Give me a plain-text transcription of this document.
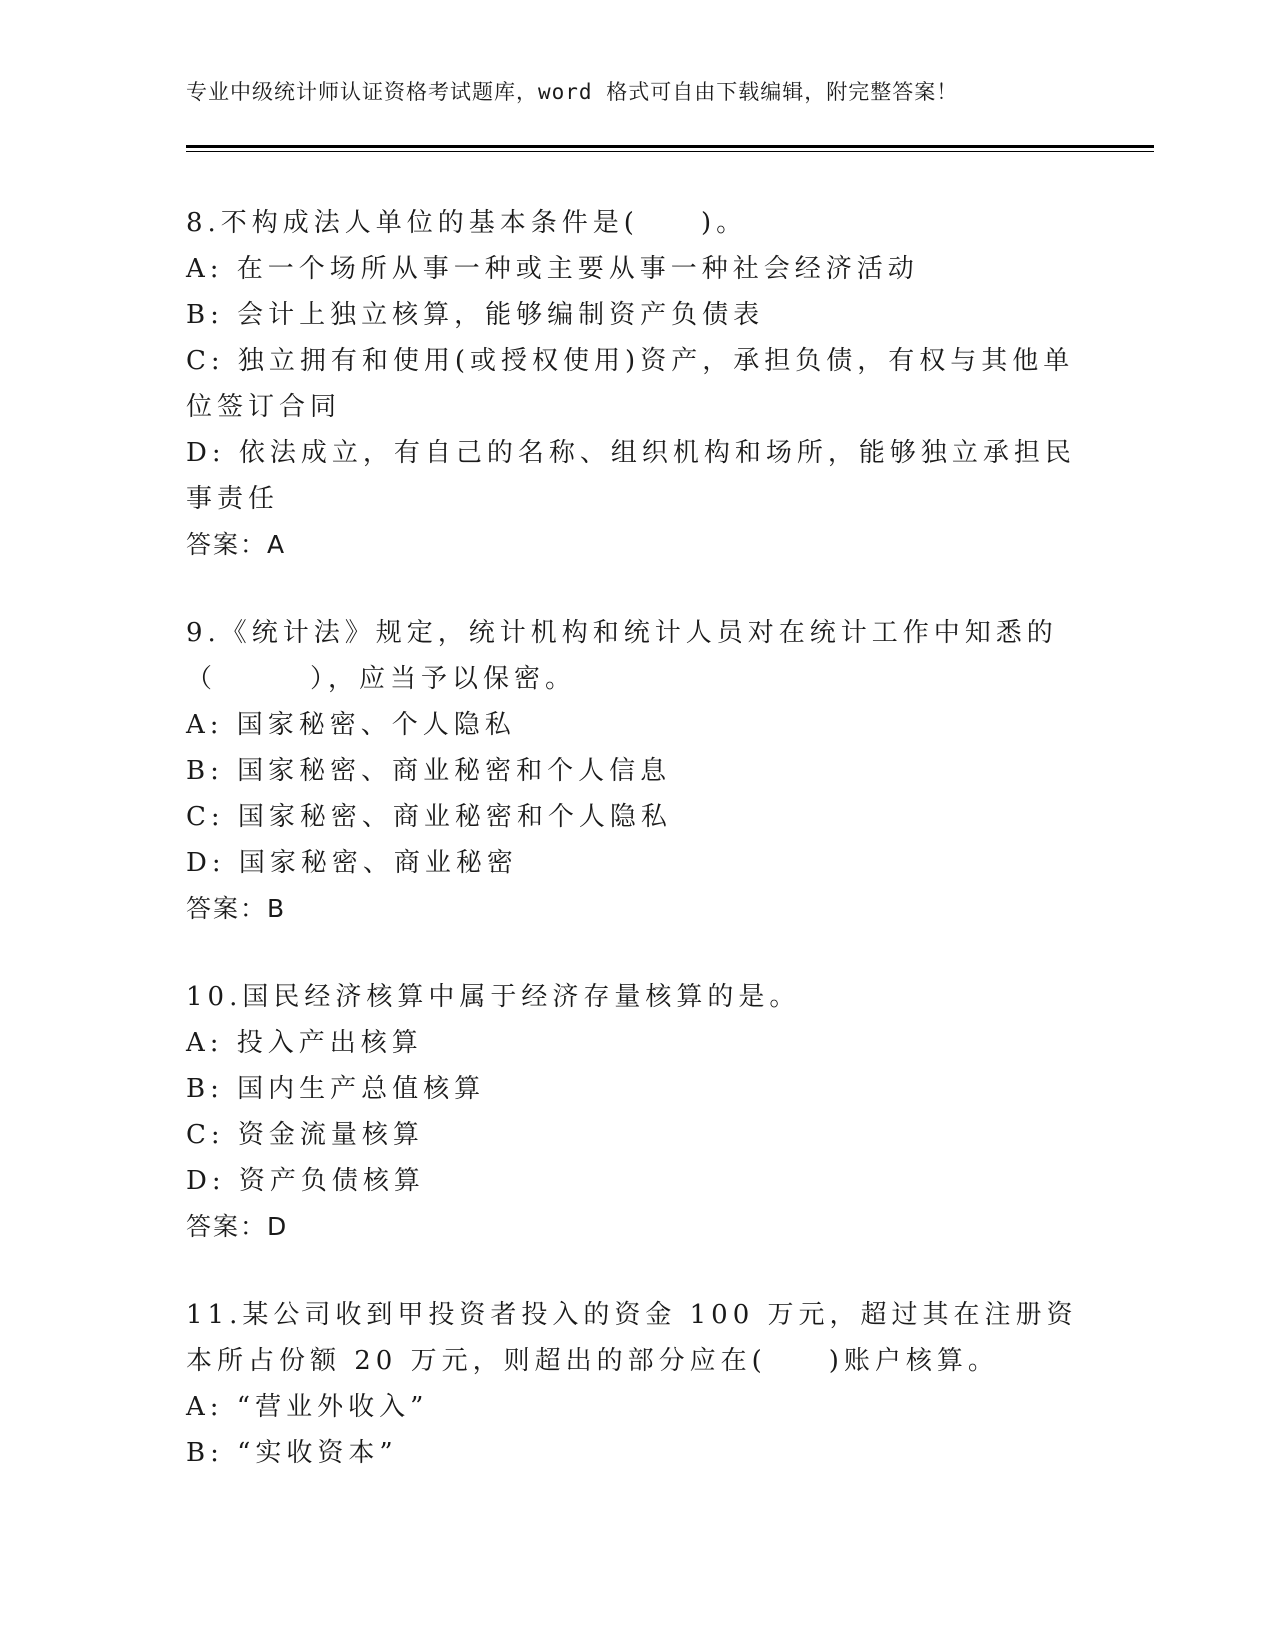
专业中级统计师认证资格考试题库，word 格式可自由下载编辑，附完整答案！

8.不构成法人单位的基本条件是(　　)。

A: 在一个场所从事一种或主要从事一种社会经济活动

B: 会计上独立核算，能够编制资产负债表

C: 独立拥有和使用(或授权使用)资产，承担负债，有权与其他单位签订合同

D: 依法成立，有自己的名称、组织机构和场所，能够独立承担民事责任

答案：A

9.《统计法》规定，统计机构和统计人员对在统计工作中知悉的（　　　），应当予以保密。

A: 国家秘密、个人隐私

B: 国家秘密、商业秘密和个人信息

C: 国家秘密、商业秘密和个人隐私

D: 国家秘密、商业秘密

答案：B

10.国民经济核算中属于经济存量核算的是。

A: 投入产出核算

B: 国内生产总值核算

C: 资金流量核算

D: 资产负债核算

答案：D

11.某公司收到甲投资者投入的资金 100 万元，超过其在注册资本所占份额 20 万元，则超出的部分应在(　　)账户核算。

A: “营业外收入”

B: “实收资本”
